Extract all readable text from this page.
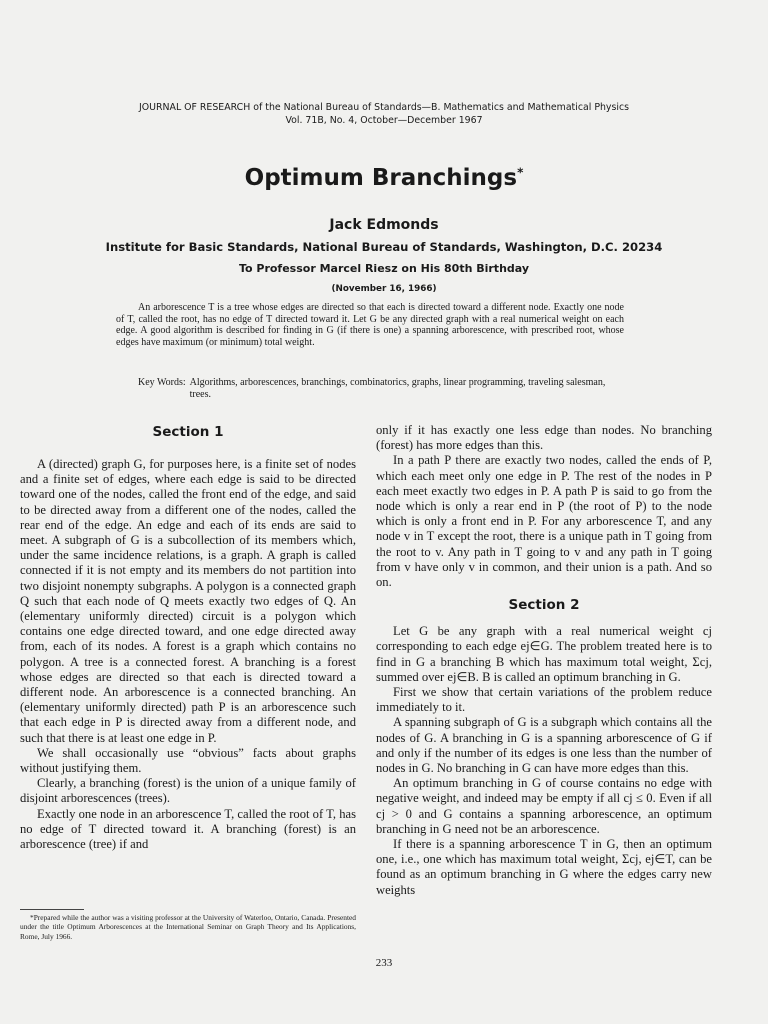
JOURNAL OF RESEARCH of the National Bureau of Standards—B. Mathematics and Mathematical Physics
Vol. 71B, No. 4, October—December 1967
Optimum Branchings*
Jack Edmonds
Institute for Basic Standards, National Bureau of Standards, Washington, D.C. 20234
To Professor Marcel Riesz on His 80th Birthday
(November 16, 1966)

An arborescence T is a tree whose edges are directed so that each is directed toward a different node. Exactly one node of T, called the root, has no edge of T directed toward it. Let G be any directed graph with a real numerical weight on each edge. A good algorithm is described for finding in G (if there is one) a spanning arborescence, with prescribed root, whose edges have maximum (or minimum) total weight.

Key Words: Algorithms, arborescences, branchings, combinatorics, graphs, linear programming, traveling salesman, trees.
Section 1

A (directed) graph G, for purposes here, is a finite set of nodes and a finite set of edges, where each edge is said to be directed toward one of the nodes, called the front end of the edge, and said to be directed away from a different one of the nodes, called the rear end of the edge. An edge and each of its ends are said to meet. A subgraph of G is a subcollection of its members which, under the same incidence relations, is a graph. A graph is called connected if it is not empty and its members do not partition into two disjoint nonempty subgraphs. A polygon is a connected graph Q such that each node of Q meets exactly two edges of Q. An (elementary uniformly directed) circuit is a polygon which contains one edge directed toward, and one edge directed away from, each of its nodes. A forest is a graph which contains no polygon. A tree is a connected forest. A branching is a forest whose edges are directed so that each is directed toward a different node. An arborescence is a connected branching. An (elementary uniformly directed) path P is an arborescence such that each edge in P is directed away from a different node, and such that there is at least one edge in P.

We shall occasionally use “obvious” facts about graphs without justifying them.

Clearly, a branching (forest) is the union of a unique family of disjoint arborescences (trees).

Exactly one node in an arborescence T, called the root of T, has no edge of T directed toward it. A branching (forest) is an arborescence (tree) if and

only if it has exactly one less edge than nodes. No branching (forest) has more edges than this.

In a path P there are exactly two nodes, called the ends of P, which each meet only one edge in P. The rest of the nodes in P each meet exactly two edges in P. A path P is said to go from the node which is only a rear end in P (the root of P) to the node which is only a front end in P. For any arborescence T, and any node v in T except the root, there is a unique path in T going from the root to v. Any path in T going to v and any path in T going from v have only v in common, and their union is a path. And so on.

Section 2

Let G be any graph with a real numerical weight cj corresponding to each edge ej∈G. The problem treated here is to find in G a branching B which has maximum total weight, Σcj, summed over ej∈B. B is called an optimum branching in G.

First we show that certain variations of the problem reduce immediately to it.

A spanning subgraph of G is a subgraph which contains all the nodes of G. A branching in G is a spanning arborescence of G if and only if the number of its edges is one less than the number of nodes in G. No branching in G can have more edges than this.

An optimum branching in G of course contains no edge with negative weight, and indeed may be empty if all cj ≤ 0. Even if all cj > 0 and G contains a spanning arborescence, an optimum branching in G need not be an arborescence.

If there is a spanning arborescence T in G, then an optimum one, i.e., one which has maximum total weight, Σcj, ej∈T, can be found as an optimum branching in G where the edges carry new weights

*Prepared while the author was a visiting professor at the University of Waterloo, Ontario, Canada. Presented under the title Optimum Arborescences at the International Seminar on Graph Theory and Its Applications, Rome, July 1966.

233
